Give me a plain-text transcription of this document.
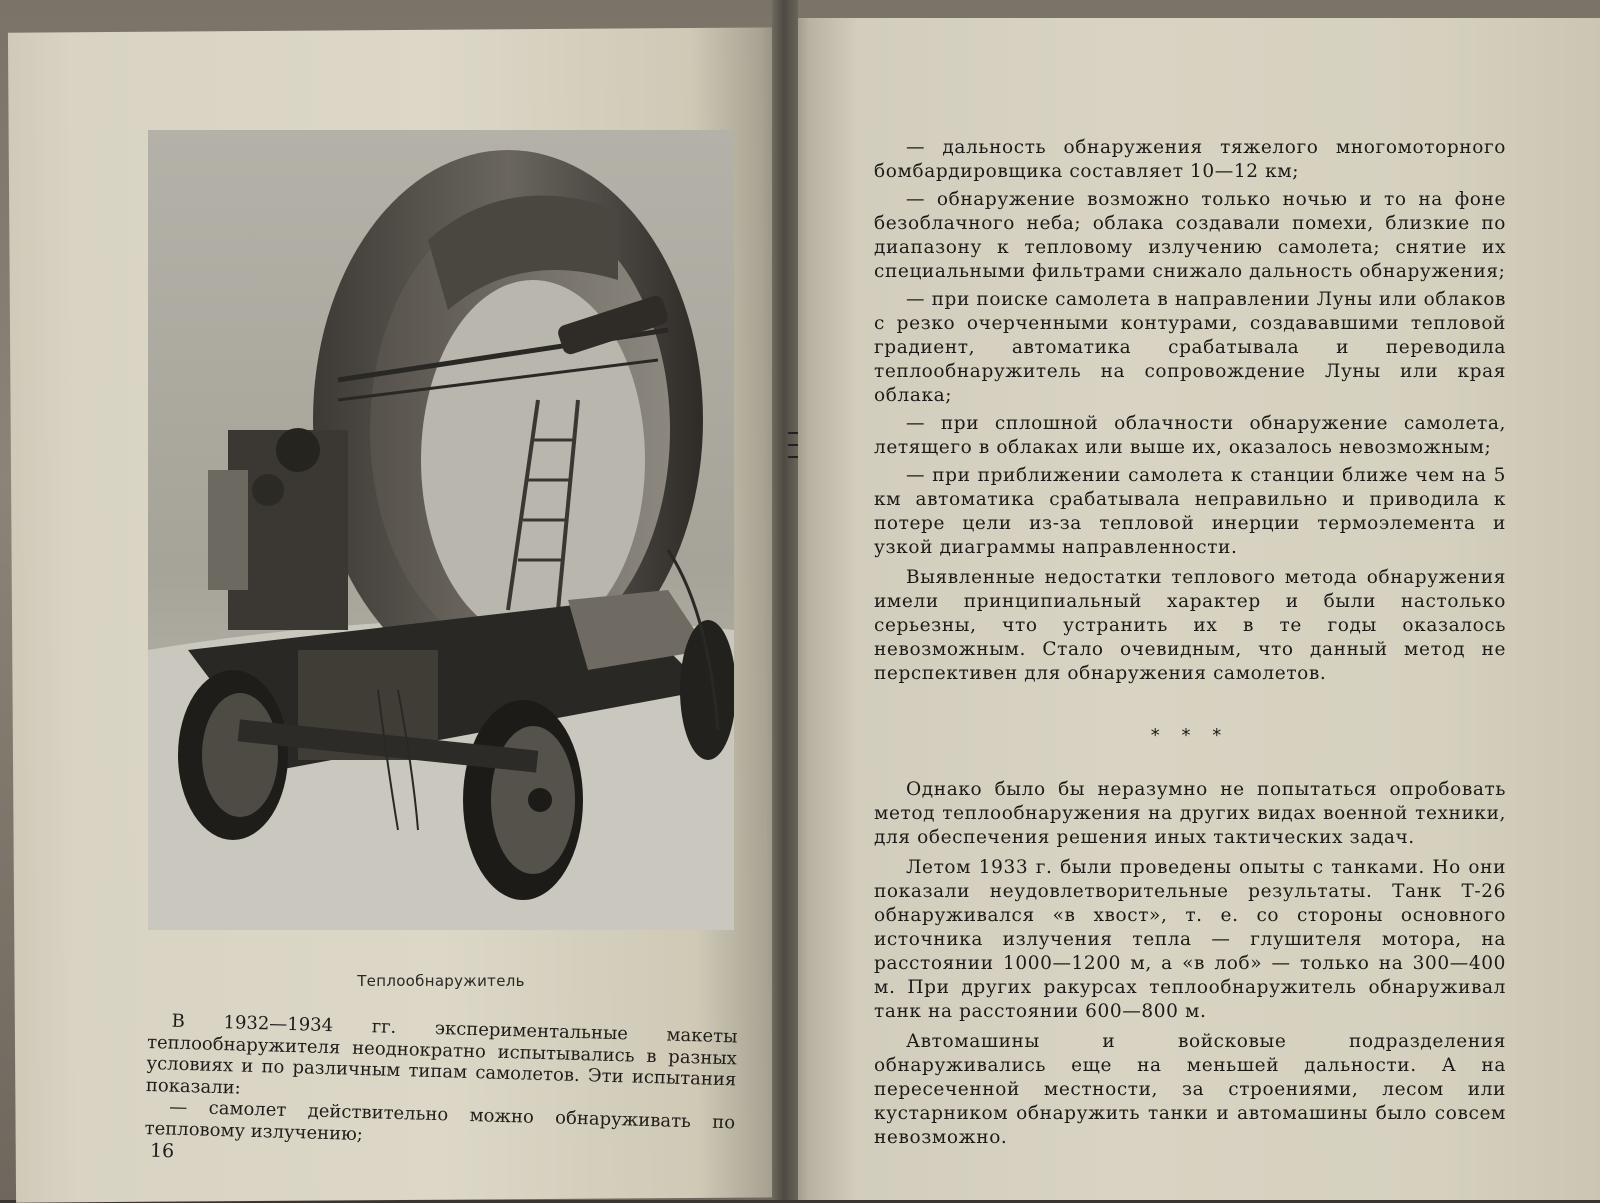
Теплообнаружитель

В 1932—1934 гг. экспериментальные макеты теплообнаружителя неоднократно испытывались в разных условиях и по различным типам самолетов. Эти испытания показали:

— самолет действительно можно обнаруживать по тепловому излучению;

16

— дальность обнаружения тяжелого многомоторного бомбардировщика составляет 10—12 км;

— обнаружение возможно только ночью и то на фоне безоблачного неба; облака создавали помехи, близкие по диапазону к тепловому излучению самолета; снятие их специальными фильтрами снижало дальность обнаружения;

— при поиске самолета в направлении Луны или облаков с резко очерченными контурами, создававшими тепловой градиент, автоматика срабатывала и переводила теплообнаружитель на сопровождение Луны или края облака;

— при сплошной облачности обнаружение самолета, летящего в облаках или выше их, оказалось невозможным;

— при приближении самолета к станции ближе чем на 5 км автоматика срабатывала неправильно и приводила к потере цели из-за тепловой инерции термоэлемента и узкой диаграммы направленности.

Выявленные недостатки теплового метода обнаружения имели принципиальный характер и были настолько серьезны, что устранить их в те годы оказалось невозможным. Стало очевидным, что данный метод не перспективен для обнаружения самолетов.

* * *

Однако было бы неразумно не попытаться опробовать метод теплообнаружения на других видах военной техники, для обеспечения решения иных тактических задач.

Летом 1933 г. были проведены опыты с танками. Но они показали неудовлетворительные результаты. Танк Т-26 обнаруживался «в хвост», т. е. со стороны основного источника излучения тепла — глушителя мотора, на расстоянии 1000—1200 м, а «в лоб» — только на 300—400 м. При других ракурсах теплообнаружитель обнаруживал танк на расстоянии 600—800 м.

Автомашины и войсковые подразделения обнаруживались еще на меньшей дальности. А на пересеченной местности, за строениями, лесом или кустарником обнаружить танки и автомашины было совсем невозможно.
